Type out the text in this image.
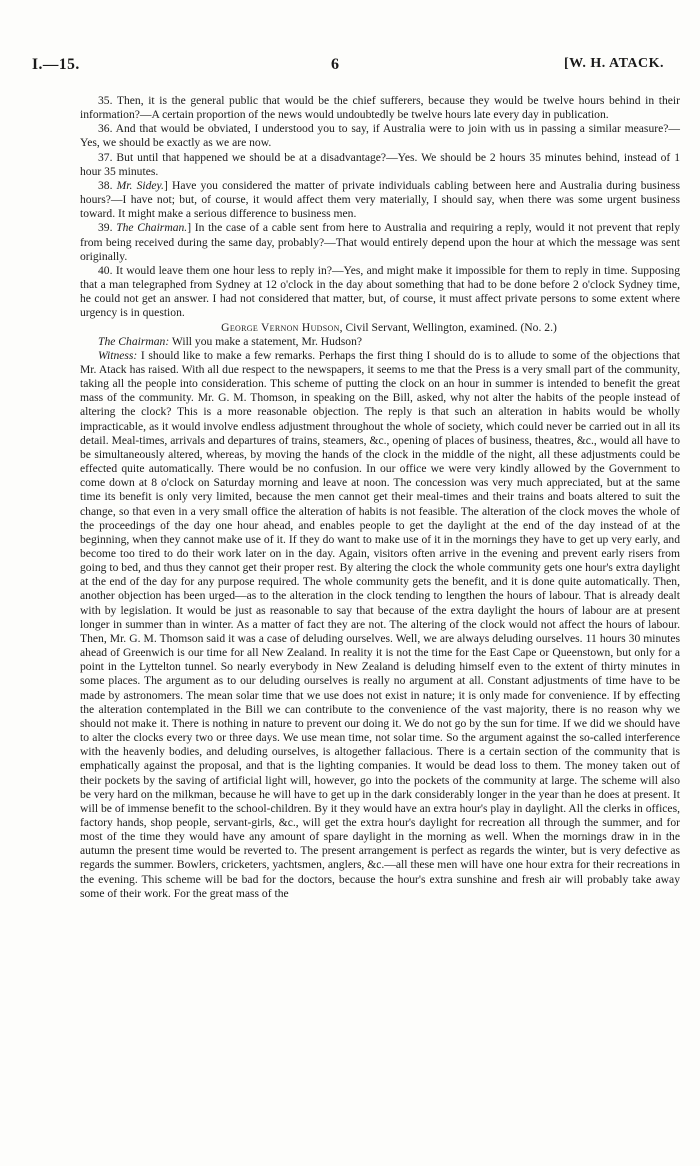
I.—15.	6	[W. H. ATACK.

35. Then, it is the general public that would be the chief sufferers, because they would be twelve hours behind in their information?—A certain proportion of the news would undoubtedly be twelve hours late every day in publication.

36. And that would be obviated, I understood you to say, if Australia were to join with us in passing a similar measure?—Yes, we should be exactly as we are now.

37. But until that happened we should be at a disadvantage?—Yes. We should be 2 hours 35 minutes behind, instead of 1 hour 35 minutes.

38. Mr. Sidey.] Have you considered the matter of private individuals cabling between here and Australia during business hours?—I have not; but, of course, it would affect them very materially, I should say, when there was some urgent business toward. It might make a serious difference to business men.

39. The Chairman.] In the case of a cable sent from here to Australia and requiring a reply, would it not prevent that reply from being received during the same day, probably?—That would entirely depend upon the hour at which the message was sent originally.

40. It would leave them one hour less to reply in?—Yes, and might make it impossible for them to reply in time. Supposing that a man telegraphed from Sydney at 12 o'clock in the day about something that had to be done before 2 o'clock Sydney time, he could not get an answer. I had not considered that matter, but, of course, it must affect private persons to some extent where urgency is in question.

George Vernon Hudson, Civil Servant, Wellington, examined. (No. 2.)

The Chairman: Will you make a statement, Mr. Hudson?

Witness: I should like to make a few remarks. Perhaps the first thing I should do is to allude to some of the objections that Mr. Atack has raised. With all due respect to the newspapers, it seems to me that the Press is a very small part of the community, taking all the people into consideration. This scheme of putting the clock on an hour in summer is intended to benefit the great mass of the community. Mr. G. M. Thomson, in speaking on the Bill, asked, why not alter the habits of the people instead of altering the clock? This is a more reasonable objection. The reply is that such an alteration in habits would be wholly impracticable, as it would involve endless adjustment throughout the whole of society, which could never be carried out in all its detail. Meal-times, arrivals and departures of trains, steamers, &c., opening of places of business, theatres, &c., would all have to be simultaneously altered, whereas, by moving the hands of the clock in the middle of the night, all these adjustments could be effected quite automatically. There would be no confusion. In our office we were very kindly allowed by the Government to come down at 8 o'clock on Saturday morning and leave at noon. The concession was very much appreciated, but at the same time its benefit is only very limited, because the men cannot get their meal-times and their trains and boats altered to suit the change, so that even in a very small office the alteration of habits is not feasible. The alteration of the clock moves the whole of the proceedings of the day one hour ahead, and enables people to get the daylight at the end of the day instead of at the beginning, when they cannot make use of it. If they do want to make use of it in the mornings they have to get up very early, and become too tired to do their work later on in the day. Again, visitors often arrive in the evening and prevent early risers from going to bed, and thus they cannot get their proper rest. By altering the clock the whole community gets one hour's extra daylight at the end of the day for any purpose required. The whole community gets the benefit, and it is done quite automatically. Then, another objection has been urged—as to the alteration in the clock tending to lengthen the hours of labour. That is already dealt with by legislation. It would be just as reasonable to say that because of the extra daylight the hours of labour are at present longer in summer than in winter. As a matter of fact they are not. The altering of the clock would not affect the hours of labour. Then, Mr. G. M. Thomson said it was a case of deluding ourselves. Well, we are always deluding ourselves. 11 hours 30 minutes ahead of Greenwich is our time for all New Zealand. In reality it is not the time for the East Cape or Queenstown, but only for a point in the Lyttelton tunnel. So nearly everybody in New Zealand is deluding himself even to the extent of thirty minutes in some places. The argument as to our deluding ourselves is really no argument at all. Constant adjustments of time have to be made by astronomers. The mean solar time that we use does not exist in nature; it is only made for convenience. If by effecting the alteration contemplated in the Bill we can contribute to the convenience of the vast majority, there is no reason why we should not make it. There is nothing in nature to prevent our doing it. We do not go by the sun for time. If we did we should have to alter the clocks every two or three days. We use mean time, not solar time. So the argument against the so-called interference with the heavenly bodies, and deluding ourselves, is altogether fallacious. There is a certain section of the community that is emphatically against the proposal, and that is the lighting companies. It would be dead loss to them. The money taken out of their pockets by the saving of artificial light will, however, go into the pockets of the community at large. The scheme will also be very hard on the milkman, because he will have to get up in the dark considerably longer in the year than he does at present. It will be of immense benefit to the school-children. By it they would have an extra hour's play in daylight. All the clerks in offices, factory hands, shop people, servant-girls, &c., will get the extra hour's daylight for recreation all through the summer, and for most of the time they would have any amount of spare daylight in the morning as well. When the mornings draw in in the autumn the present time would be reverted to. The present arrangement is perfect as regards the winter, but is very defective as regards the summer. Bowlers, cricketers, yachtsmen, anglers, &c.—all these men will have one hour extra for their recreations in the evening. This scheme will be bad for the doctors, because the hour's extra sunshine and fresh air will probably take away some of their work. For the great mass of the
